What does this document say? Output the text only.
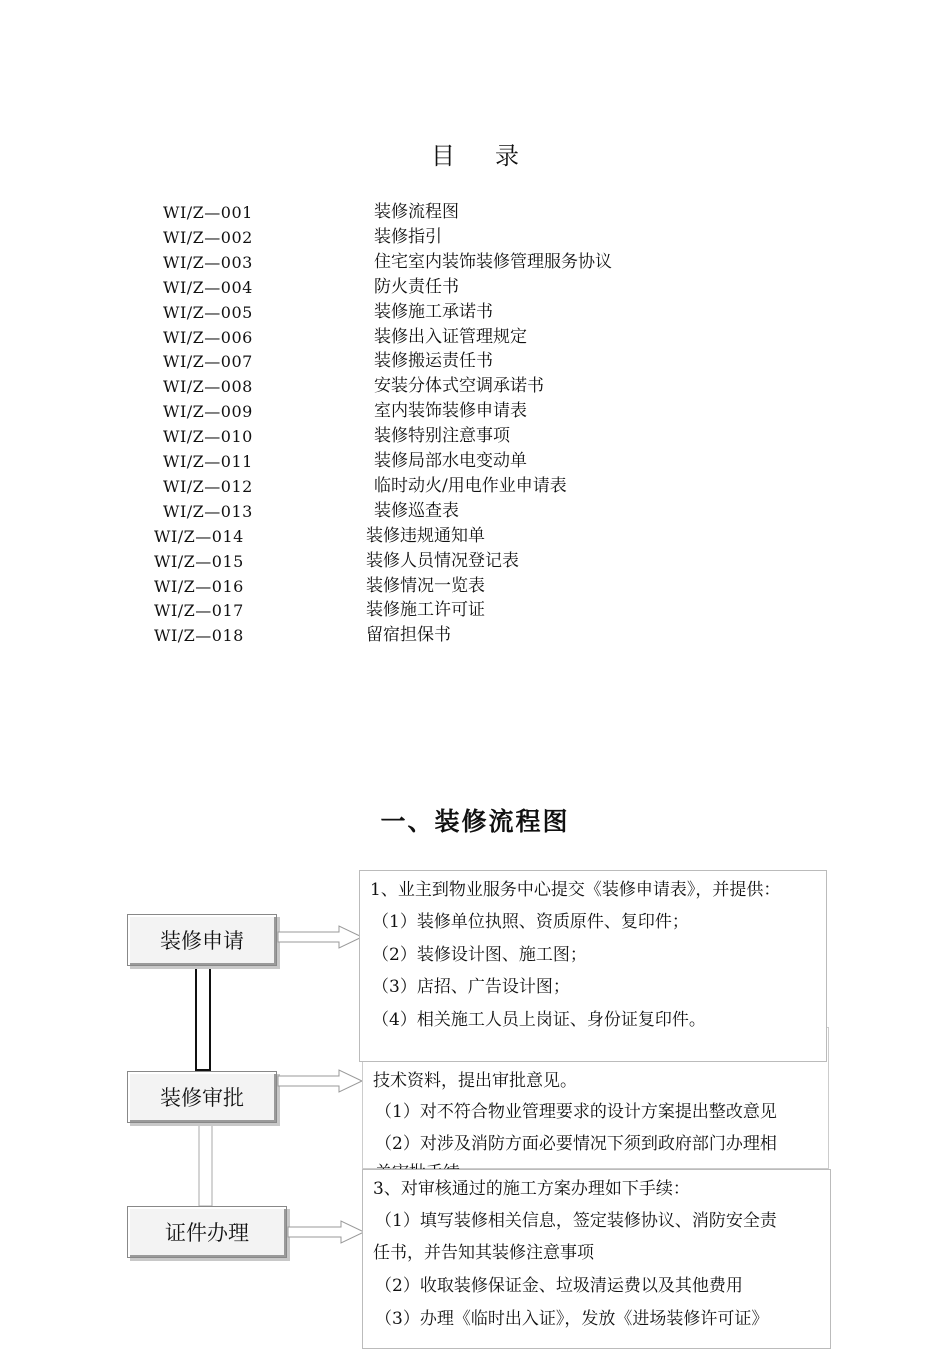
目 录
WI/Z—001	装修流程图
WI/Z—002	装修指引
WI/Z—003	住宅室内装饰装修管理服务协议
WI/Z—004	防火责任书
WI/Z—005	装修施工承诺书
WI/Z—006	装修出入证管理规定
WI/Z—007	装修搬运责任书
WI/Z—008	安装分体式空调承诺书
WI/Z—009	室内装饰装修申请表
WI/Z—010	装修特别注意事项
WI/Z—011	装修局部水电变动单
WI/Z—012	临时动火/用电作业申请表
WI/Z—013	装修巡查表
WI/Z—014	装修违规通知单
WI/Z—015	装修人员情况登记表
WI/Z—016	装修情况一览表
WI/Z—017	装修施工许可证
WI/Z—018	留宿担保书
一、装修流程图
装修申请
装修审批
证件办理
技术资料，提出审批意见。
（1）对不符合物业管理要求的设计方案提出整改意见
（2）对涉及消防方面必要情况下须到政府部门办理相
1、业主到物业服务中心提交《装修申请表》，并提供：
（1）装修单位执照、资质原件、复印件；
（2）装修设计图、施工图；
（3）店招、广告设计图；
（4）相关施工人员上岗证、身份证复印件。
3、对审核通过的施工方案办理如下手续：
（1）填写装修相关信息，签定装修协议、消防安全责
任书，并告知其装修注意事项
（2）收取装修保证金、垃圾清运费以及其他费用
（3）办理《临时出入证》，发放《进场装修许可证》
